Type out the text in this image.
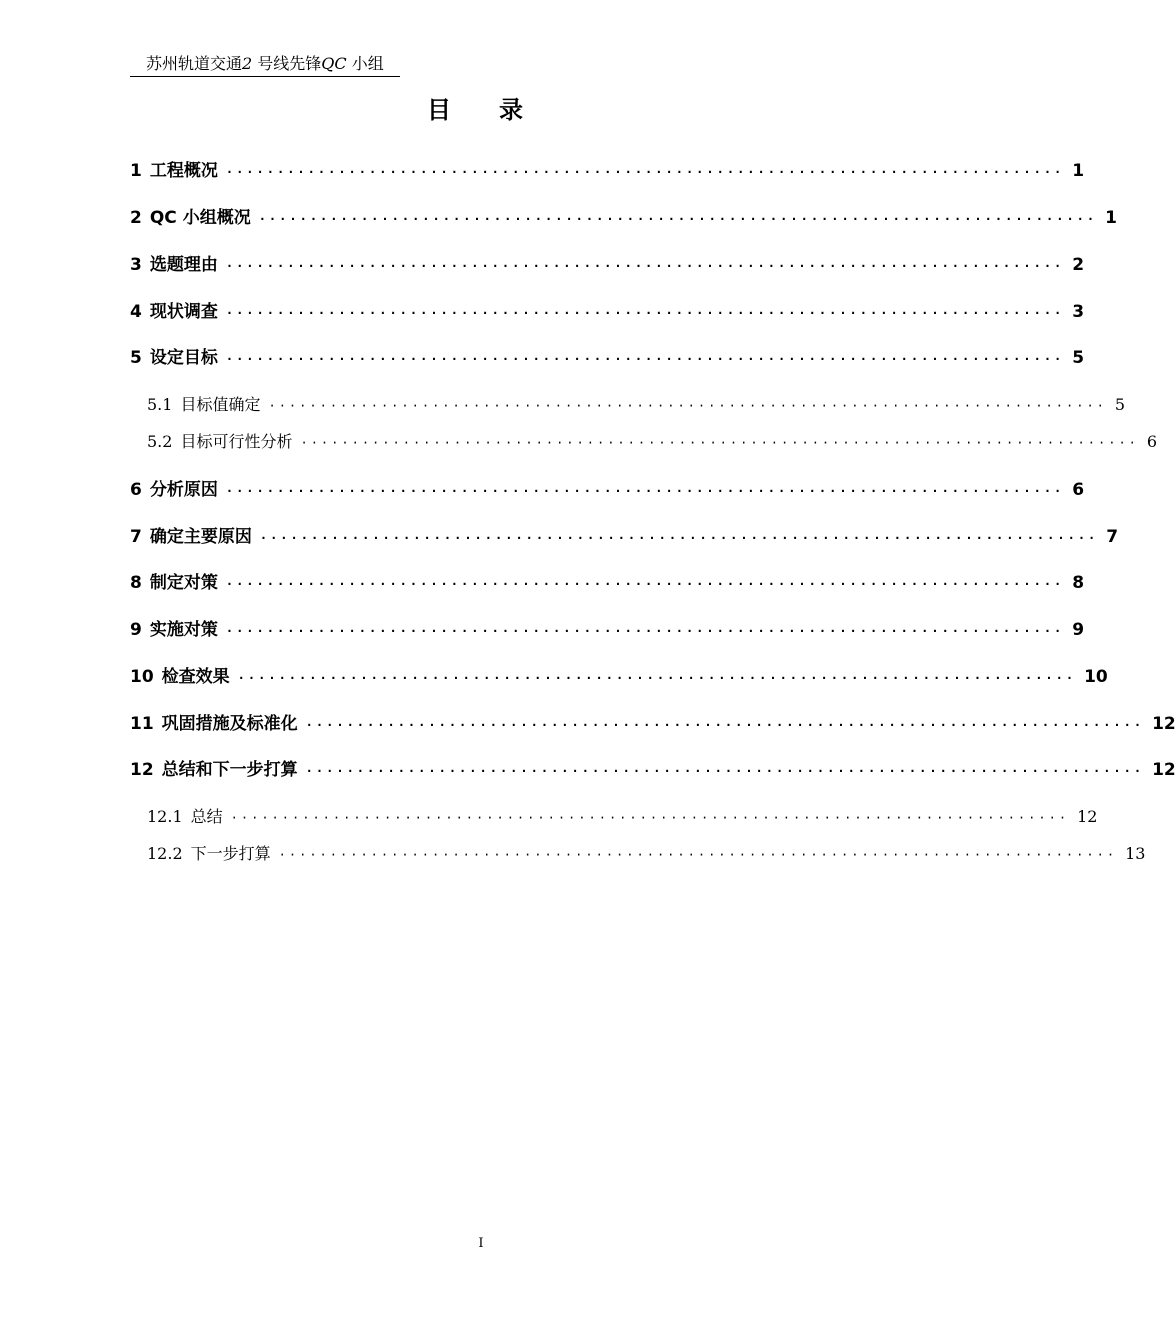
苏州轨道交通2 号线先锋QC 小组
目录
1 工程概况 ·················································································· 1
2 QC 小组概况 ·················································································· 1
3 选题理由 ·················································································· 2
4 现状调查 ·················································································· 3
5 设定目标 ·················································································· 5
5.1 目标值确定 ·················································································· 5
5.2 目标可行性分析 ·················································································· 6
6 分析原因 ·················································································· 6
7 确定主要原因 ·················································································· 7
8 制定对策 ·················································································· 8
9 实施对策 ·················································································· 9
10 检查效果 ·················································································· 10
11 巩固措施及标准化 ·················································································· 12
12 总结和下一步打算 ·················································································· 12
12.1 总结 ·················································································· 12
12.2 下一步打算 ·················································································· 13
I
